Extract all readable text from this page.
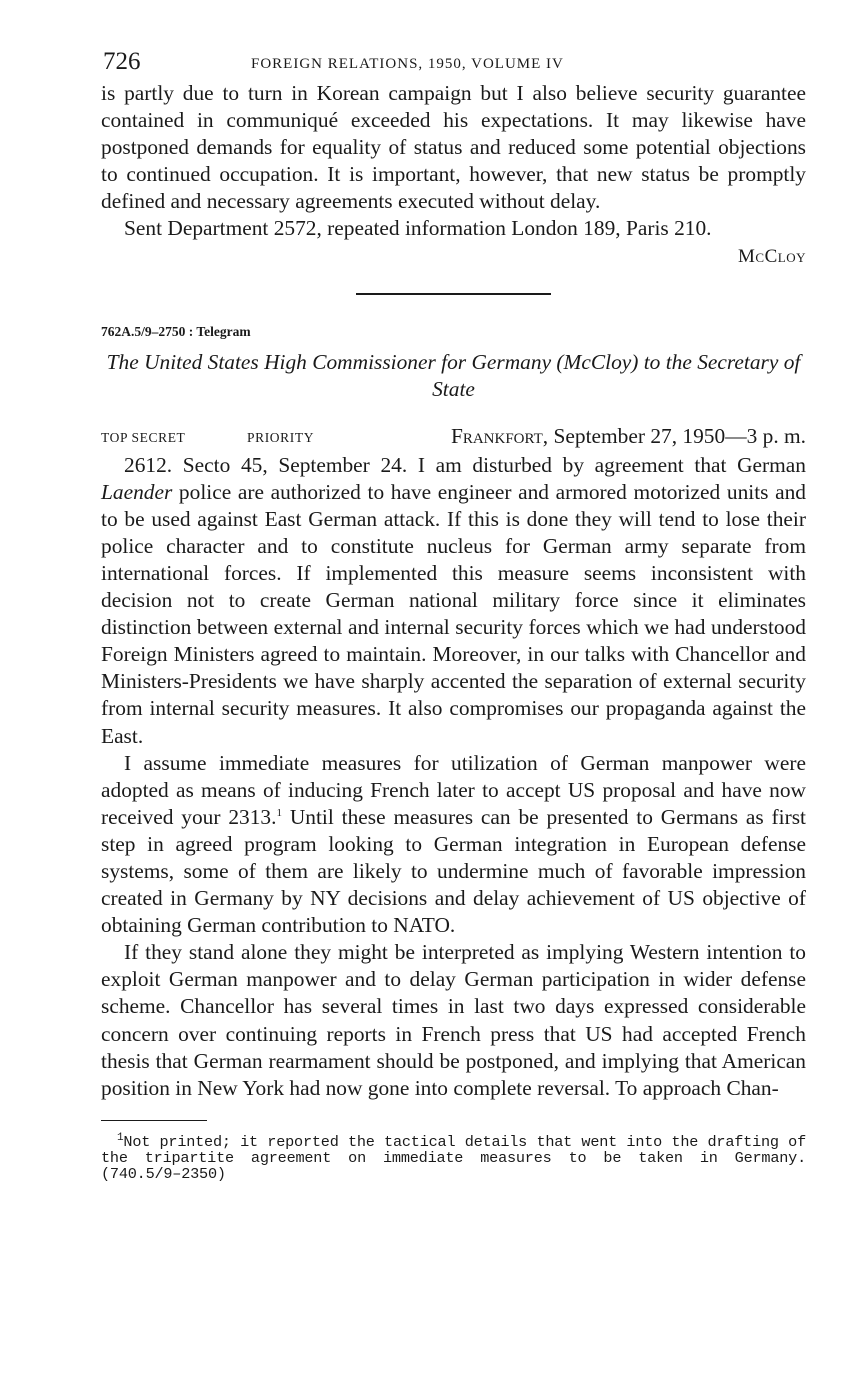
726	FOREIGN RELATIONS, 1950, VOLUME IV

is partly due to turn in Korean campaign but I also believe security guarantee contained in communiqué exceeded his expectations. It may likewise have postponed demands for equality of status and reduced some potential objections to continued occupation. It is important, however, that new status be promptly defined and necessary agreements executed without delay.

Sent Department 2572, repeated information London 189, Paris 210.

McCloy
762A.5/9–2750 : Telegram
The United States High Commissioner for Germany (McCloy) to the Secretary of State
TOP SECRET	PRIORITY	Frankfort, September 27, 1950—3 p. m.

2612. Secto 45, September 24. I am disturbed by agreement that German Laender police are authorized to have engineer and armored motorized units and to be used against East German attack. If this is done they will tend to lose their police character and to constitute nucleus for German army separate from international forces. If implemented this measure seems inconsistent with decision not to create German national military force since it eliminates distinction between external and internal security forces which we had understood Foreign Ministers agreed to maintain. Moreover, in our talks with Chancellor and Ministers-Presidents we have sharply accented the separation of external security from internal security measures. It also compromises our propaganda against the East.

I assume immediate measures for utilization of German manpower were adopted as means of inducing French later to accept US proposal and have now received your 2313.$^1$ Until these measures can be presented to Germans as first step in agreed program looking to German integration in European defense systems, some of them are likely to undermine much of favorable impression created in Germany by NY decisions and delay achievement of US objective of obtaining German contribution to NATO.

If they stand alone they might be interpreted as implying Western intention to exploit German manpower and to delay German participation in wider defense scheme. Chancellor has several times in last two days expressed considerable concern over continuing reports in French press that US had accepted French thesis that German rearmament should be postponed, and implying that American position in New York had now gone into complete reversal. To approach Chan-

$^1$Not printed; it reported the tactical details that went into the drafting of the tripartite agreement on immediate measures to be taken in Germany. (740.5/9–2350)
